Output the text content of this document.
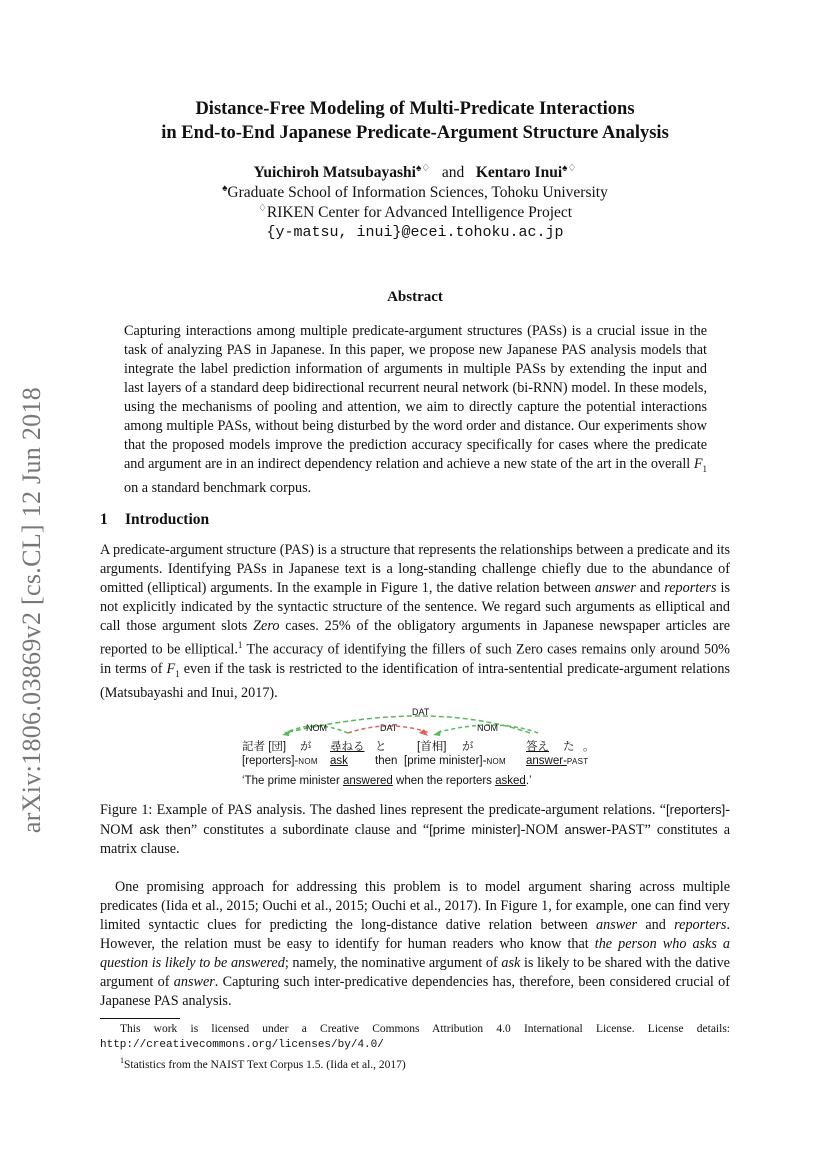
arXiv:1806.03869v2 [cs.CL] 12 Jun 2018
Distance-Free Modeling of Multi-Predicate Interactions
in End-to-End Japanese Predicate-Argument Structure Analysis
Yuichiroh Matsubayashi♠♢ and Kentaro Inui♠♢
♠Graduate School of Information Sciences, Tohoku University
♢RIKEN Center for Advanced Intelligence Project
{y-matsu, inui}@ecei.tohoku.ac.jp
Abstract
Capturing interactions among multiple predicate-argument structures (PASs) is a crucial issue in the task of analyzing PAS in Japanese. In this paper, we propose new Japanese PAS analysis models that integrate the label prediction information of arguments in multiple PASs by extending the input and last layers of a standard deep bidirectional recurrent neural network (bi-RNN) model. In these models, using the mechanisms of pooling and attention, we aim to directly capture the potential interactions among multiple PASs, without being disturbed by the word order and distance. Our experiments show that the proposed models improve the prediction accuracy specifically for cases where the predicate and argument are in an indirect dependency relation and achieve a new state of the art in the overall $F_1$ on a standard benchmark corpus.
1 Introduction
A predicate-argument structure (PAS) is a structure that represents the relationships between a predicate and its arguments. Identifying PASs in Japanese text is a long-standing challenge chiefly due to the abundance of omitted (elliptical) arguments. In the example in Figure 1, the dative relation between answer and reporters is not explicitly indicated by the syntactic structure of the sentence. We regard such arguments as elliptical and call those argument slots Zero cases. 25% of the obligatory arguments in Japanese newspaper articles are reported to be elliptical.$^1$ The accuracy of identifying the fillers of such Zero cases remains only around 50% in terms of $F_1$ even if the task is restricted to the identification of intra-sentential predicate-argument relations (Matsubayashi and Inui, 2017).
DAT
NOM	DAT	NOM
記者 [団] が 尋ねる と	[首相] が	答え た 。
[reporters]-NOM ask then [prime minister]-NOM answer-PAST
‘The prime minister answered when the reporters asked.’
Figure 1: Example of PAS analysis. The dashed lines represent the predicate-argument relations. “[reporters]-NOM ask then” constitutes a subordinate clause and “[prime minister]-NOM answer-PAST” constitutes a matrix clause.
One promising approach for addressing this problem is to model argument sharing across multiple predicates (Iida et al., 2015; Ouchi et al., 2015; Ouchi et al., 2017). In Figure 1, for example, one can find very limited syntactic clues for predicting the long-distance dative relation between answer and reporters. However, the relation must be easy to identify for human readers who know that the person who asks a question is likely to be answered; namely, the nominative argument of ask is likely to be shared with the dative argument of answer. Capturing such inter-predicative dependencies has, therefore, been considered crucial of Japanese PAS analysis.
This work is licensed under a Creative Commons Attribution 4.0 International License. License details: http://creativecommons.org/licenses/by/4.0/
$^1$Statistics from the NAIST Text Corpus 1.5. (Iida et al., 2017)
